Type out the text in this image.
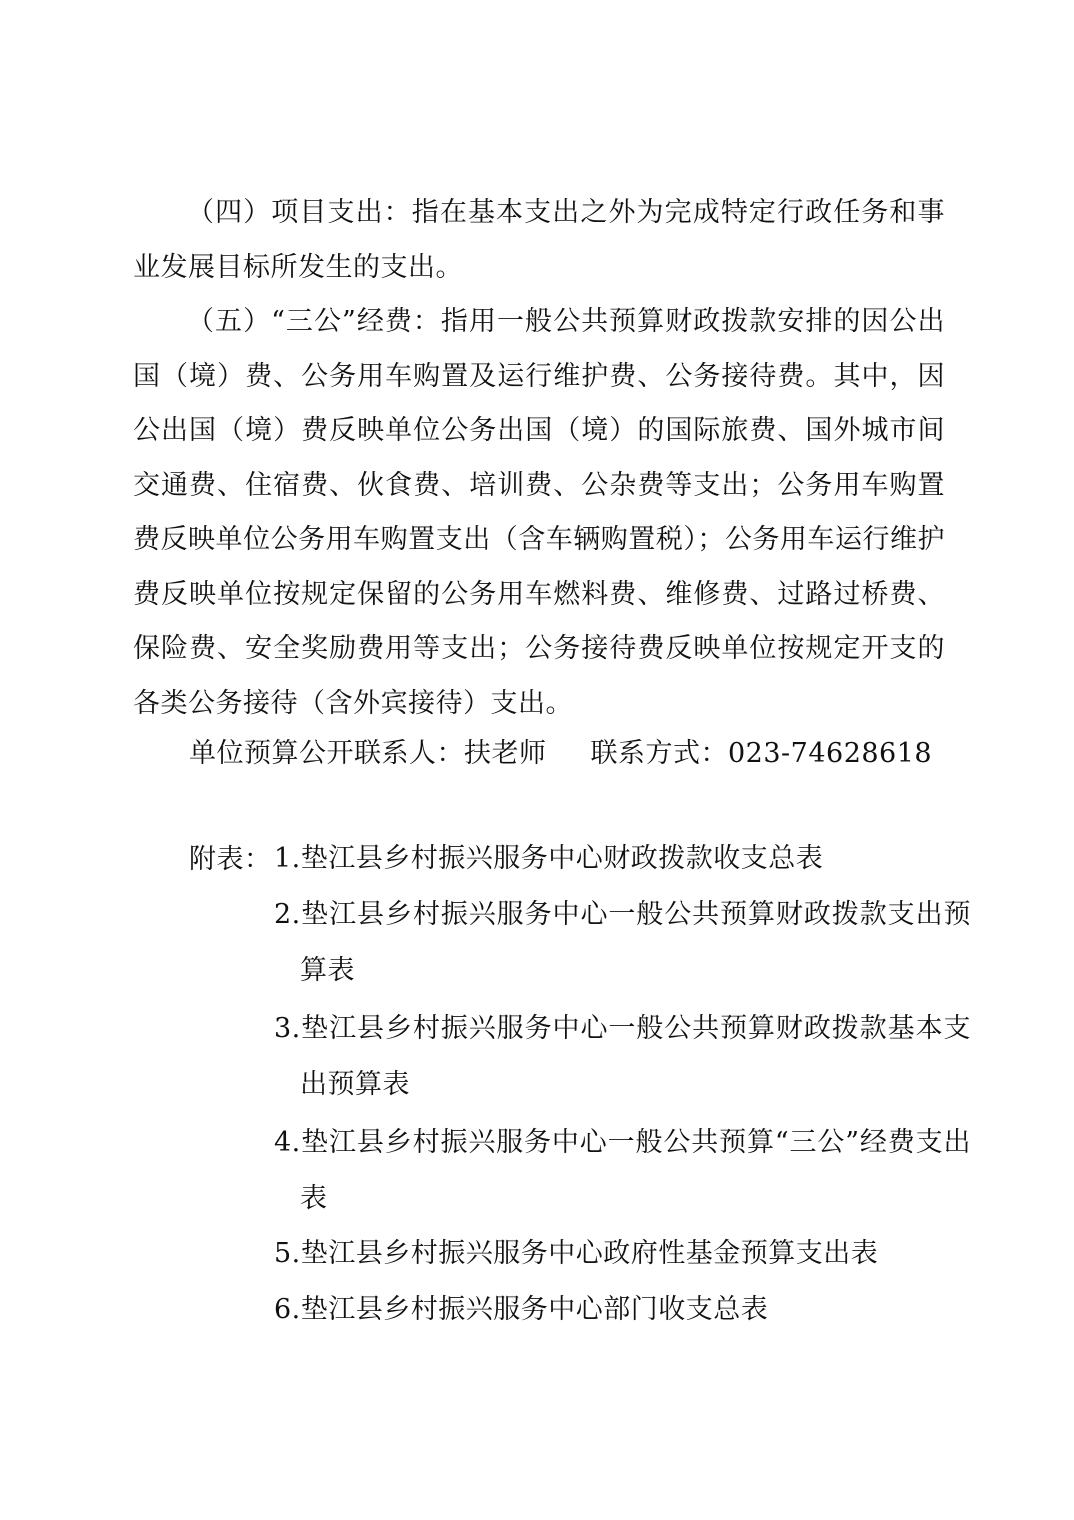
（四）项目支出：指在基本支出之外为完成特定行政任务和事业发展目标所发生的支出。

（五）“三公”经费：指用一般公共预算财政拨款安排的因公出国（境）费、公务用车购置及运行维护费、公务接待费。其中，因公出国（境）费反映单位公务出国（境）的国际旅费、国外城市间交通费、住宿费、伙食费、培训费、公杂费等支出；公务用车购置费反映单位公务用车购置支出（含车辆购置税）；公务用车运行维护费反映单位按规定保留的公务用车燃料费、维修费、过路过桥费、保险费、安全奖励费用等支出；公务接待费反映单位按规定开支的各类公务接待（含外宾接待）支出。

单位预算公开联系人：扶老师 联系方式：023-74628618
附表： 1.垫江县乡村振兴服务中心财政拨款收支总表

2.垫江县乡村振兴服务中心一般公共预算财政拨款支出预算表

3.垫江县乡村振兴服务中心一般公共预算财政拨款基本支出预算表

4.垫江县乡村振兴服务中心一般公共预算“三公”经费支出表

5.垫江县乡村振兴服务中心政府性基金预算支出表

6.垫江县乡村振兴服务中心部门收支总表
